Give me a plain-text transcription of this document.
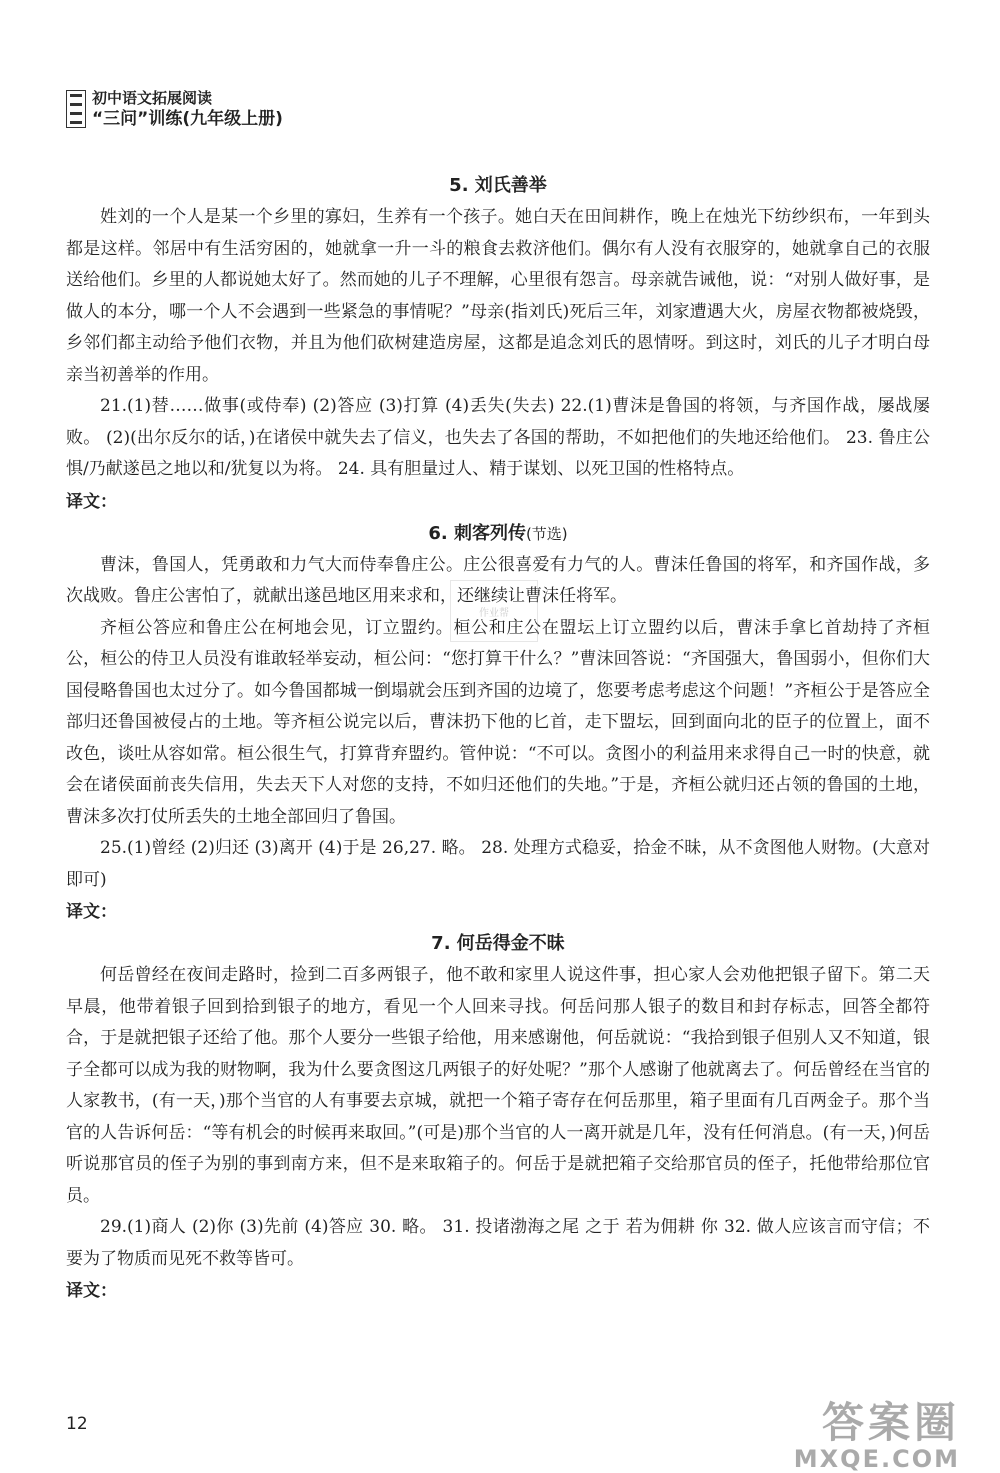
初中语文拓展阅读
“三问”训练(九年级上册)

5. 刘氏善举

姓刘的一个人是某一个乡里的寡妇，生养有一个孩子。她白天在田间耕作，晚上在烛光下纺纱织布，一年到头都是这样。邻居中有生活穷困的，她就拿一升一斗的粮食去救济他们。偶尔有人没有衣服穿的，她就拿自己的衣服送给他们。乡里的人都说她太好了。然而她的儿子不理解，心里很有怨言。母亲就告诫他，说：“对别人做好事，是做人的本分，哪一个人不会遇到一些紧急的事情呢？”母亲(指刘氏)死后三年，刘家遭遇大火，房屋衣物都被烧毁，乡邻们都主动给予他们衣物，并且为他们砍树建造房屋，这都是追念刘氏的恩情呀。到这时，刘氏的儿子才明白母亲当初善举的作用。

21.(1)替……做事(或侍奉) (2)答应 (3)打算 (4)丢失(失去) 22.(1)曹沫是鲁国的将领，与齐国作战，屡战屡败。 (2)(出尔反尔的话，)在诸侯中就失去了信义，也失去了各国的帮助，不如把他们的失地还给他们。 23. 鲁庄公惧/乃献遂邑之地以和/犹复以为将。 24. 具有胆量过人、精于谋划、以死卫国的性格特点。

译文：

6. 刺客列传(节选)

曹沫，鲁国人，凭勇敢和力气大而侍奉鲁庄公。庄公很喜爱有力气的人。曹沫任鲁国的将军，和齐国作战，多次战败。鲁庄公害怕了，就献出遂邑地区用来求和，还继续让曹沫任将军。

齐桓公答应和鲁庄公在柯地会见，订立盟约。桓公和庄公在盟坛上订立盟约以后，曹沫手拿匕首劫持了齐桓公，桓公的侍卫人员没有谁敢轻举妄动，桓公问：“您打算干什么？”曹沫回答说：“齐国强大，鲁国弱小，但你们大国侵略鲁国也太过分了。如今鲁国都城一倒塌就会压到齐国的边境了，您要考虑考虑这个问题！”齐桓公于是答应全部归还鲁国被侵占的土地。等齐桓公说完以后，曹沫扔下他的匕首，走下盟坛，回到面向北的臣子的位置上，面不改色，谈吐从容如常。桓公很生气，打算背弃盟约。管仲说：“不可以。贪图小的利益用来求得自己一时的快意，就会在诸侯面前丧失信用，失去天下人对您的支持，不如归还他们的失地。”于是，齐桓公就归还占领的鲁国的土地，曹沫多次打仗所丢失的土地全部回归了鲁国。

25.(1)曾经 (2)归还 (3)离开 (4)于是 26,27. 略。 28. 处理方式稳妥，拾金不昧，从不贪图他人财物。(大意对即可)

译文：

7. 何岳得金不昧

何岳曾经在夜间走路时，捡到二百多两银子，他不敢和家里人说这件事，担心家人会劝他把银子留下。第二天早晨，他带着银子回到拾到银子的地方，看见一个人回来寻找。何岳问那人银子的数目和封存标志，回答全都符合，于是就把银子还给了他。那个人要分一些银子给他，用来感谢他，何岳就说：“我拾到银子但别人又不知道，银子全都可以成为我的财物啊，我为什么要贪图这几两银子的好处呢？”那个人感谢了他就离去了。何岳曾经在当官的人家教书，(有一天，)那个当官的人有事要去京城，就把一个箱子寄存在何岳那里，箱子里面有几百两金子。那个当官的人告诉何岳：“等有机会的时候再来取回。”(可是)那个当官的人一离开就是几年，没有任何消息。(有一天，)何岳听说那官员的侄子为别的事到南方来，但不是来取箱子的。何岳于是就把箱子交给那官员的侄子，托他带给那位官员。

29.(1)商人 (2)你 (3)先前 (4)答应 30. 略。 31. 投诸渤海之尾 之于 若为佣耕 你 32. 做人应该言而守信；不要为了物质而见死不救等皆可。

译文：

作业帮
12	答案圈
MXQE.COM
